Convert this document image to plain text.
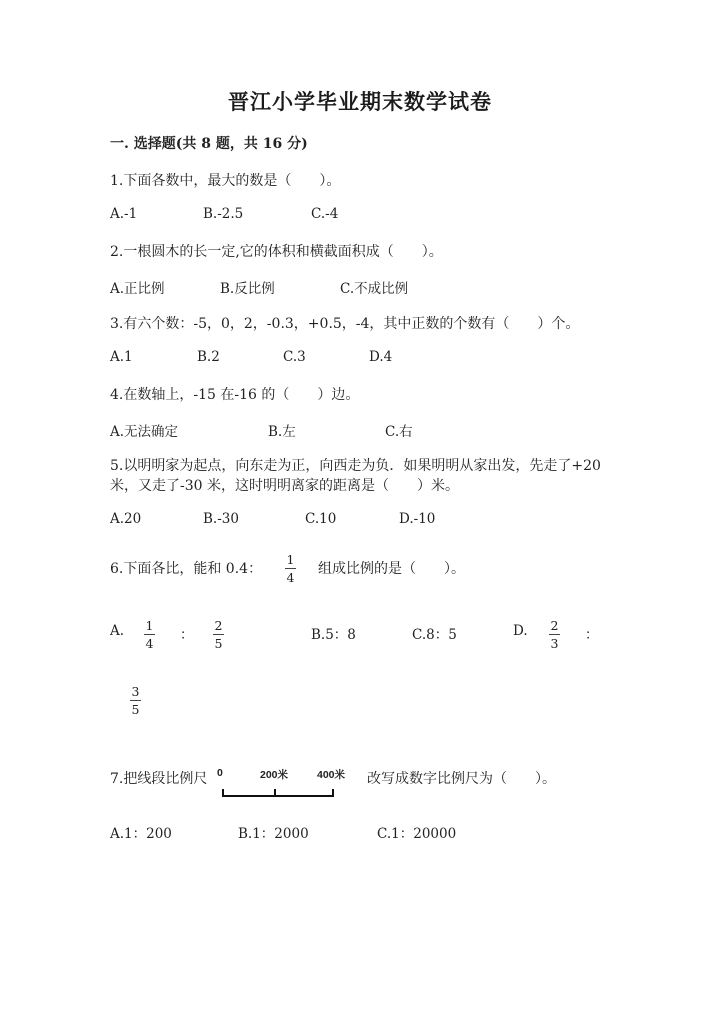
晋江小学毕业期末数学试卷
一. 选择题(共 8 题，共 16 分)
1.下面各数中，最大的数是（　　）。
A.-1	B.-2.5	C.-4
2.一根圆木的长一定,它的体积和横截面积成（　　）。
A.正比例	B.反比例	C.不成比例
3.有六个数：-5，0，2，-0.3，+0.5，-4，其中正数的个数有（　　）个。
A.1	B.2	C.3	D.4
4.在数轴上，-15 在-16 的（　　）边。
A.无法确定	B.左	C.右
5.以明明家为起点，向东走为正，向西走为负．如果明明从家出发，先走了+20
米，又走了-30 米，这时明明离家的距离是（　　）米。
A.20	B.-30	C.10	D.-10
6.下面各比，能和 0.4：
1
4
组成比例的是（　　）。
A. 1
4
：
2
5
B.5：8	C.8：5	D. 2
3
：
3
5
7.把线段比例尺 0	200米	400米 改写成数字比例尺为（　　）。
A.1：200	B.1：2000	C.1：20000
